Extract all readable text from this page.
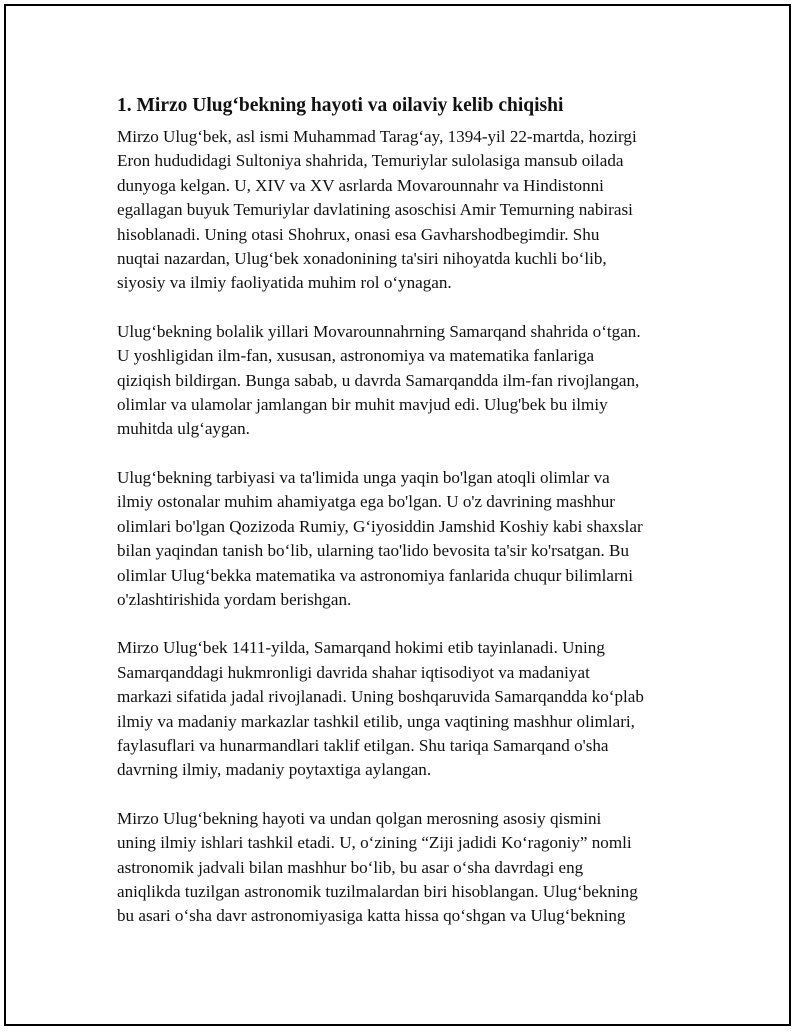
1. Mirzo Ulug‘bekning hayoti va oilaviy kelib chiqishi
Mirzo Ulug‘bek, asl ismi Muhammad Tarag‘ay, 1394-yil 22-martda, hozirgi
Eron hududidagi Sultoniya shahrida, Temuriylar sulolasiga mansub oilada
dunyoga kelgan. U, XIV va XV asrlarda Movarounnahr va Hindistonni
egallagan buyuk Temuriylar davlatining asoschisi Amir Temurning nabirasi
hisoblanadi. Uning otasi Shohrux, onasi esa Gavharshodbegimdir. Shu
nuqtai nazardan, Ulug‘bek xonadonining ta'siri nihoyatda kuchli bo‘lib,
siyosiy va ilmiy faoliyatida muhim rol o‘ynagan.
Ulug‘bekning bolalik yillari Movarounnahrning Samarqand shahrida o‘tgan.
U yoshligidan ilm-fan, xususan, astronomiya va matematika fanlariga
qiziqish bildirgan. Bunga sabab, u davrda Samarqandda ilm-fan rivojlangan,
olimlar va ulamolar jamlangan bir muhit mavjud edi. Ulug'bek bu ilmiy
muhitda ulg‘aygan.
Ulug‘bekning tarbiyasi va ta'limida unga yaqin bo'lgan atoqli olimlar va
ilmiy ostonalar muhim ahamiyatga ega bo'lgan. U o'z davrining mashhur
olimlari bo'lgan Qozizoda Rumiy, G‘iyosiddin Jamshid Koshiy kabi shaxslar
bilan yaqindan tanish bo‘lib, ularning tao'lido bevosita ta'sir ko'rsatgan. Bu
olimlar Ulug‘bekka matematika va astronomiya fanlarida chuqur bilimlarni
o'zlashtirishida yordam berishgan.
Mirzo Ulug‘bek 1411-yilda, Samarqand hokimi etib tayinlanadi. Uning
Samarqanddagi hukmronligi davrida shahar iqtisodiyot va madaniyat
markazi sifatida jadal rivojlanadi. Uning boshqaruvida Samarqandda ko‘plab
ilmiy va madaniy markazlar tashkil etilib, unga vaqtining mashhur olimlari,
faylasuflari va hunarmandlari taklif etilgan. Shu tariqa Samarqand o'sha
davrning ilmiy, madaniy poytaxtiga aylangan.
Mirzo Ulug‘bekning hayoti va undan qolgan merosning asosiy qismini
uning ilmiy ishlari tashkil etadi. U, o‘zining “Ziji jadidi Ko‘ragoniy” nomli
astronomik jadvali bilan mashhur bo‘lib, bu asar o‘sha davrdagi eng
aniqlikda tuzilgan astronomik tuzilmalardan biri hisoblangan. Ulug‘bekning
bu asari o‘sha davr astronomiyasiga katta hissa qo‘shgan va Ulug‘bekning
